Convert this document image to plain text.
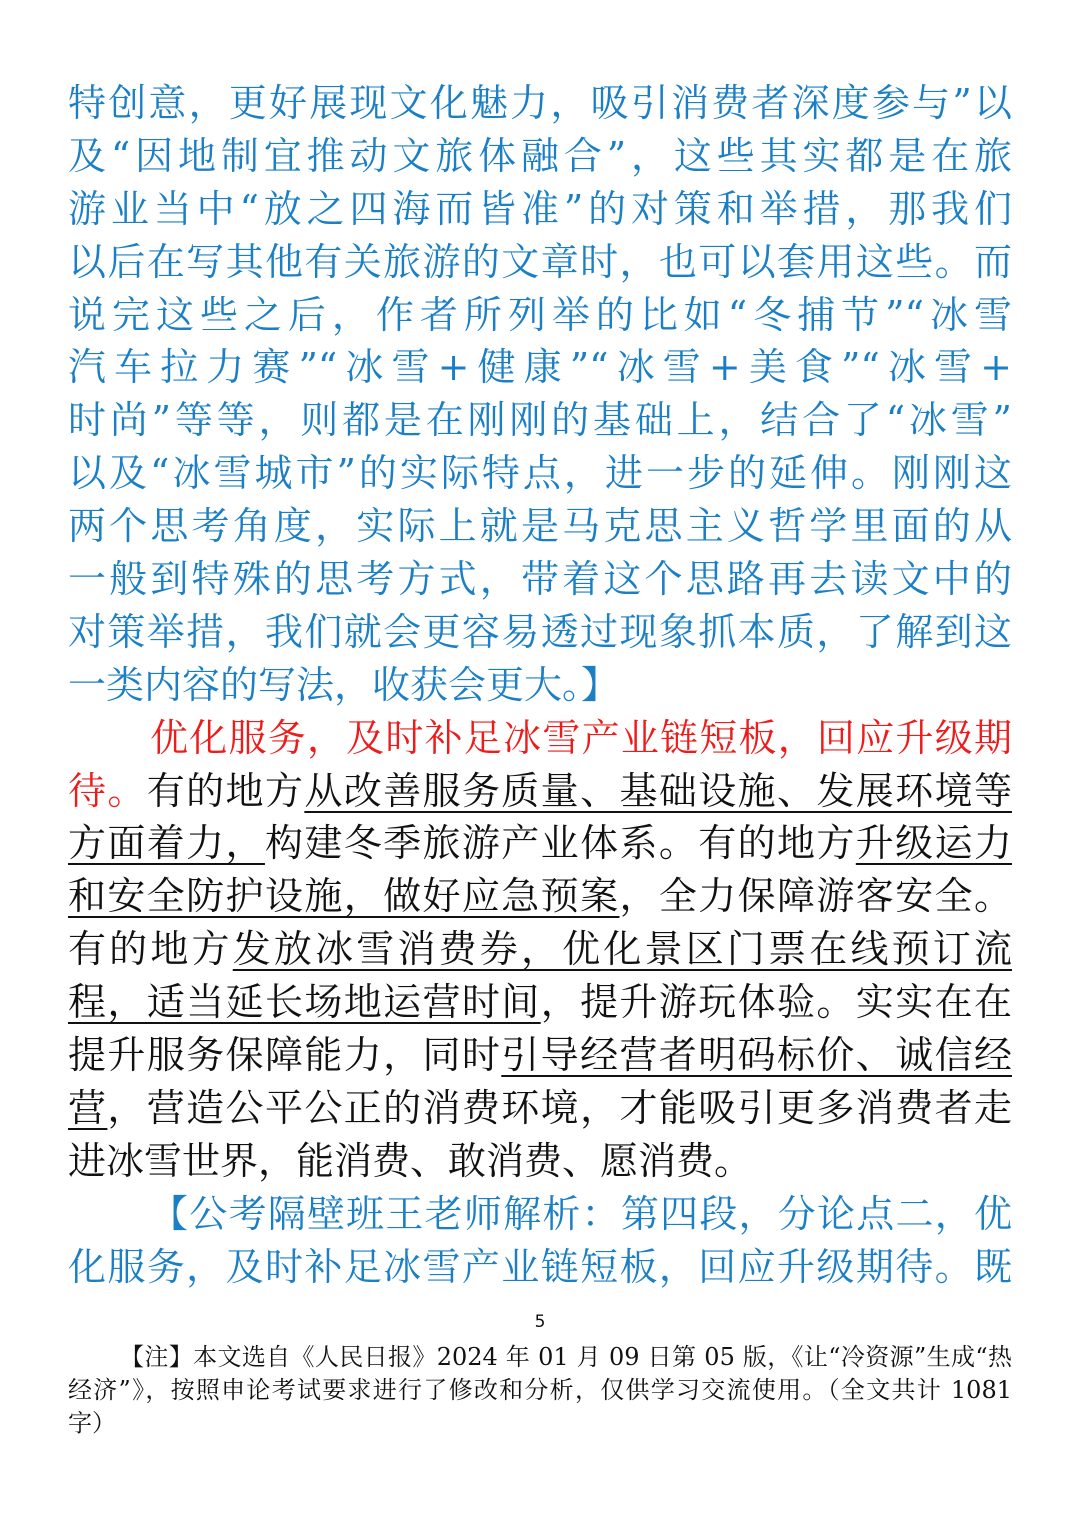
特创意，更好展现文化魅力，吸引消费者深度参与”以
及“因地制宜推动文旅体融合”，这些其实都是在旅
游业当中“放之四海而皆准”的对策和举措，那我们
以后在写其他有关旅游的文章时，也可以套用这些。而
说完这些之后，作者所列举的比如“冬捕节”“冰雪
汽车拉力赛”“冰雪+健康”“冰雪+美食”“冰雪+
时尚”等等，则都是在刚刚的基础上，结合了“冰雪”
以及“冰雪城市”的实际特点，进一步的延伸。刚刚这
两个思考角度，实际上就是马克思主义哲学里面的从
一般到特殊的思考方式，带着这个思路再去读文中的
对策举措，我们就会更容易透过现象抓本质，了解到这
一类内容的写法，收获会更大。】
优化服务，及时补足冰雪产业链短板，回应升级期
待。有的地方从改善服务质量、基础设施、发展环境等
方面着力，构建冬季旅游产业体系。有的地方升级运力
和安全防护设施，做好应急预案，全力保障游客安全。
有的地方发放冰雪消费券，优化景区门票在线预订流
程，适当延长场地运营时间，提升游玩体验。实实在在
提升服务保障能力，同时引导经营者明码标价、诚信经
营，营造公平公正的消费环境，才能吸引更多消费者走
进冰雪世界，能消费、敢消费、愿消费。
【公考隔壁班王老师解析：第四段，分论点二，优
化服务，及时补足冰雪产业链短板，回应升级期待。既
5
【注】本文选自《人民日报》2024 年 01 月 09 日第 05 版，《让“冷资源”生成“热
经济”》，按照申论考试要求进行了修改和分析，仅供学习交流使用。（全文共计 1081
字）
